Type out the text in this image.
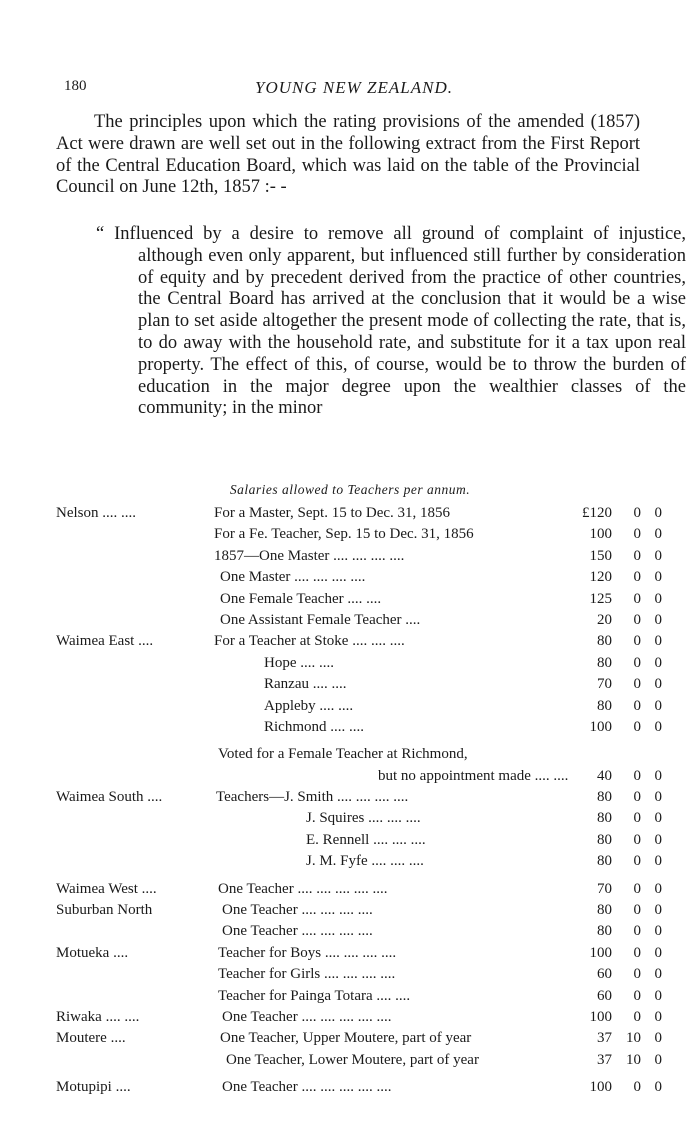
180	YOUNG NEW ZEALAND.

The principles upon which the rating provisions of the amended (1857) Act were drawn are well set out in the following extract from the First Report of the Central Education Board, which was laid on the table of the Provincial Council on June 12th, 1857 :- -

“ Influenced by a desire to remove all ground of complaint of injustice, although even only apparent, but influenced still further by consideration of equity and by precedent derived from the practice of other countries, the Central Board has arrived at the conclusion that it would be a wise plan to set aside altogether the present mode of collecting the rate, that is, to do away with the household rate, and substitute for it a tax upon real property. The effect of this, of course, would be to throw the burden of education in the major degree upon the wealthier classes of the community; in the minor

Salaries allowed to Teachers per annum.
Nelson .... ....	For a Master, Sept. 15 to Dec. 31, 1856	£120	0 0
For a Fe. Teacher, Sep. 15 to Dec. 31, 1856	100	0 0
1857—One Master .... .... .... ....	150	0 0
One Master .... .... .... ....	120	0 0
One Female Teacher .... ....	125	0 0
One Assistant Female Teacher ....	20	0 0
Waimea East ....	For a Teacher at Stoke .... .... ....	80	0 0
Hope .... ....	80	0 0
Ranzau .... ....	70	0 0
Appleby .... ....	80	0 0
Richmond .... ....	100	0 0
Voted for a Female Teacher at Richmond,
but no appointment made .... ....	40	0 0
Waimea South ....	Teachers—J. Smith .... .... .... ....	80	0 0
J. Squires .... .... ....	80	0 0
E. Rennell .... .... ....	80	0 0
J. M. Fyfe .... .... ....	80	0 0
Waimea West ....	One Teacher .... .... .... .... ....	70	0 0
Suburban North	One Teacher .... .... .... ....	80	0 0
One Teacher .... .... .... ....	80	0 0
Motueka ....	Teacher for Boys .... .... .... ....	100	0 0
Teacher for Girls .... .... .... ....	60	0 0
Teacher for Painga Totara .... ....	60	0 0
Riwaka .... ....	One Teacher .... .... .... .... ....	100	0 0
Moutere ....	One Teacher, Upper Moutere, part of year	37 10 0
One Teacher, Lower Moutere, part of year	37 10 0
Motupipi ....	One Teacher .... .... .... .... ....	100	0 0
